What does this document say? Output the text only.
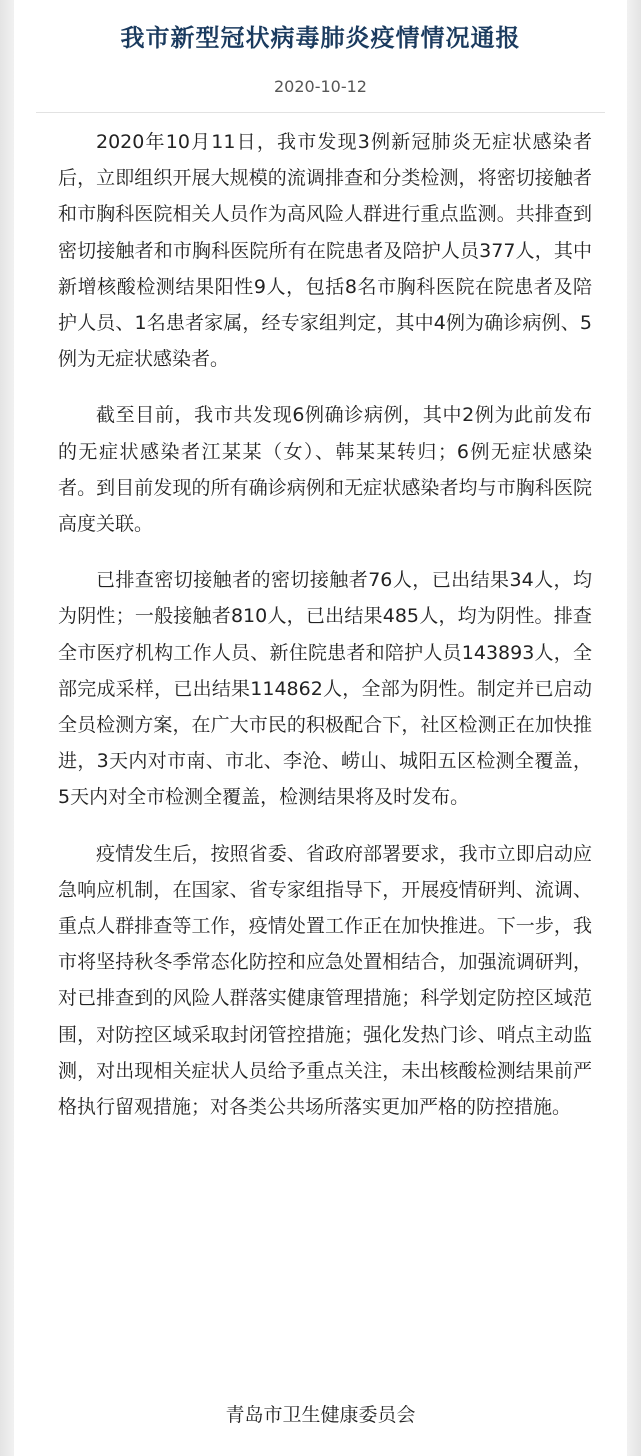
我市新型冠状病毒肺炎疫情情况通报
2020-10-12

2020年10月11日，我市发现3例新冠肺炎无症状感染者后，立即组织开展大规模的流调排查和分类检测，将密切接触者和市胸科医院相关人员作为高风险人群进行重点监测。共排查到密切接触者和市胸科医院所有在院患者及陪护人员377人，其中新增核酸检测结果阳性9人，包括8名市胸科医院在院患者及陪护人员、1名患者家属，经专家组判定，其中4例为确诊病例、5例为无症状感染者。

截至目前，我市共发现6例确诊病例，其中2例为此前发布的无症状感染者江某某（女）、韩某某转归；6例无症状感染者。到目前发现的所有确诊病例和无症状感染者均与市胸科医院高度关联。

已排查密切接触者的密切接触者76人，已出结果34人，均为阴性；一般接触者810人，已出结果485人，均为阴性。排查全市医疗机构工作人员、新住院患者和陪护人员143893人，全部完成采样，已出结果114862人，全部为阴性。制定并已启动全员检测方案，在广大市民的积极配合下，社区检测正在加快推进，3天内对市南、市北、李沧、崂山、城阳五区检测全覆盖，5天内对全市检测全覆盖，检测结果将及时发布。

疫情发生后，按照省委、省政府部署要求，我市立即启动应急响应机制，在国家、省专家组指导下，开展疫情研判、流调、重点人群排查等工作，疫情处置工作正在加快推进。下一步，我市将坚持秋冬季常态化防控和应急处置相结合，加强流调研判，对已排查到的风险人群落实健康管理措施；科学划定防控区域范围，对防控区域采取封闭管控措施；强化发热门诊、哨点主动监测，对出现相关症状人员给予重点关注，未出核酸检测结果前严格执行留观措施；对各类公共场所落实更加严格的防控措施。

青岛市卫生健康委员会
